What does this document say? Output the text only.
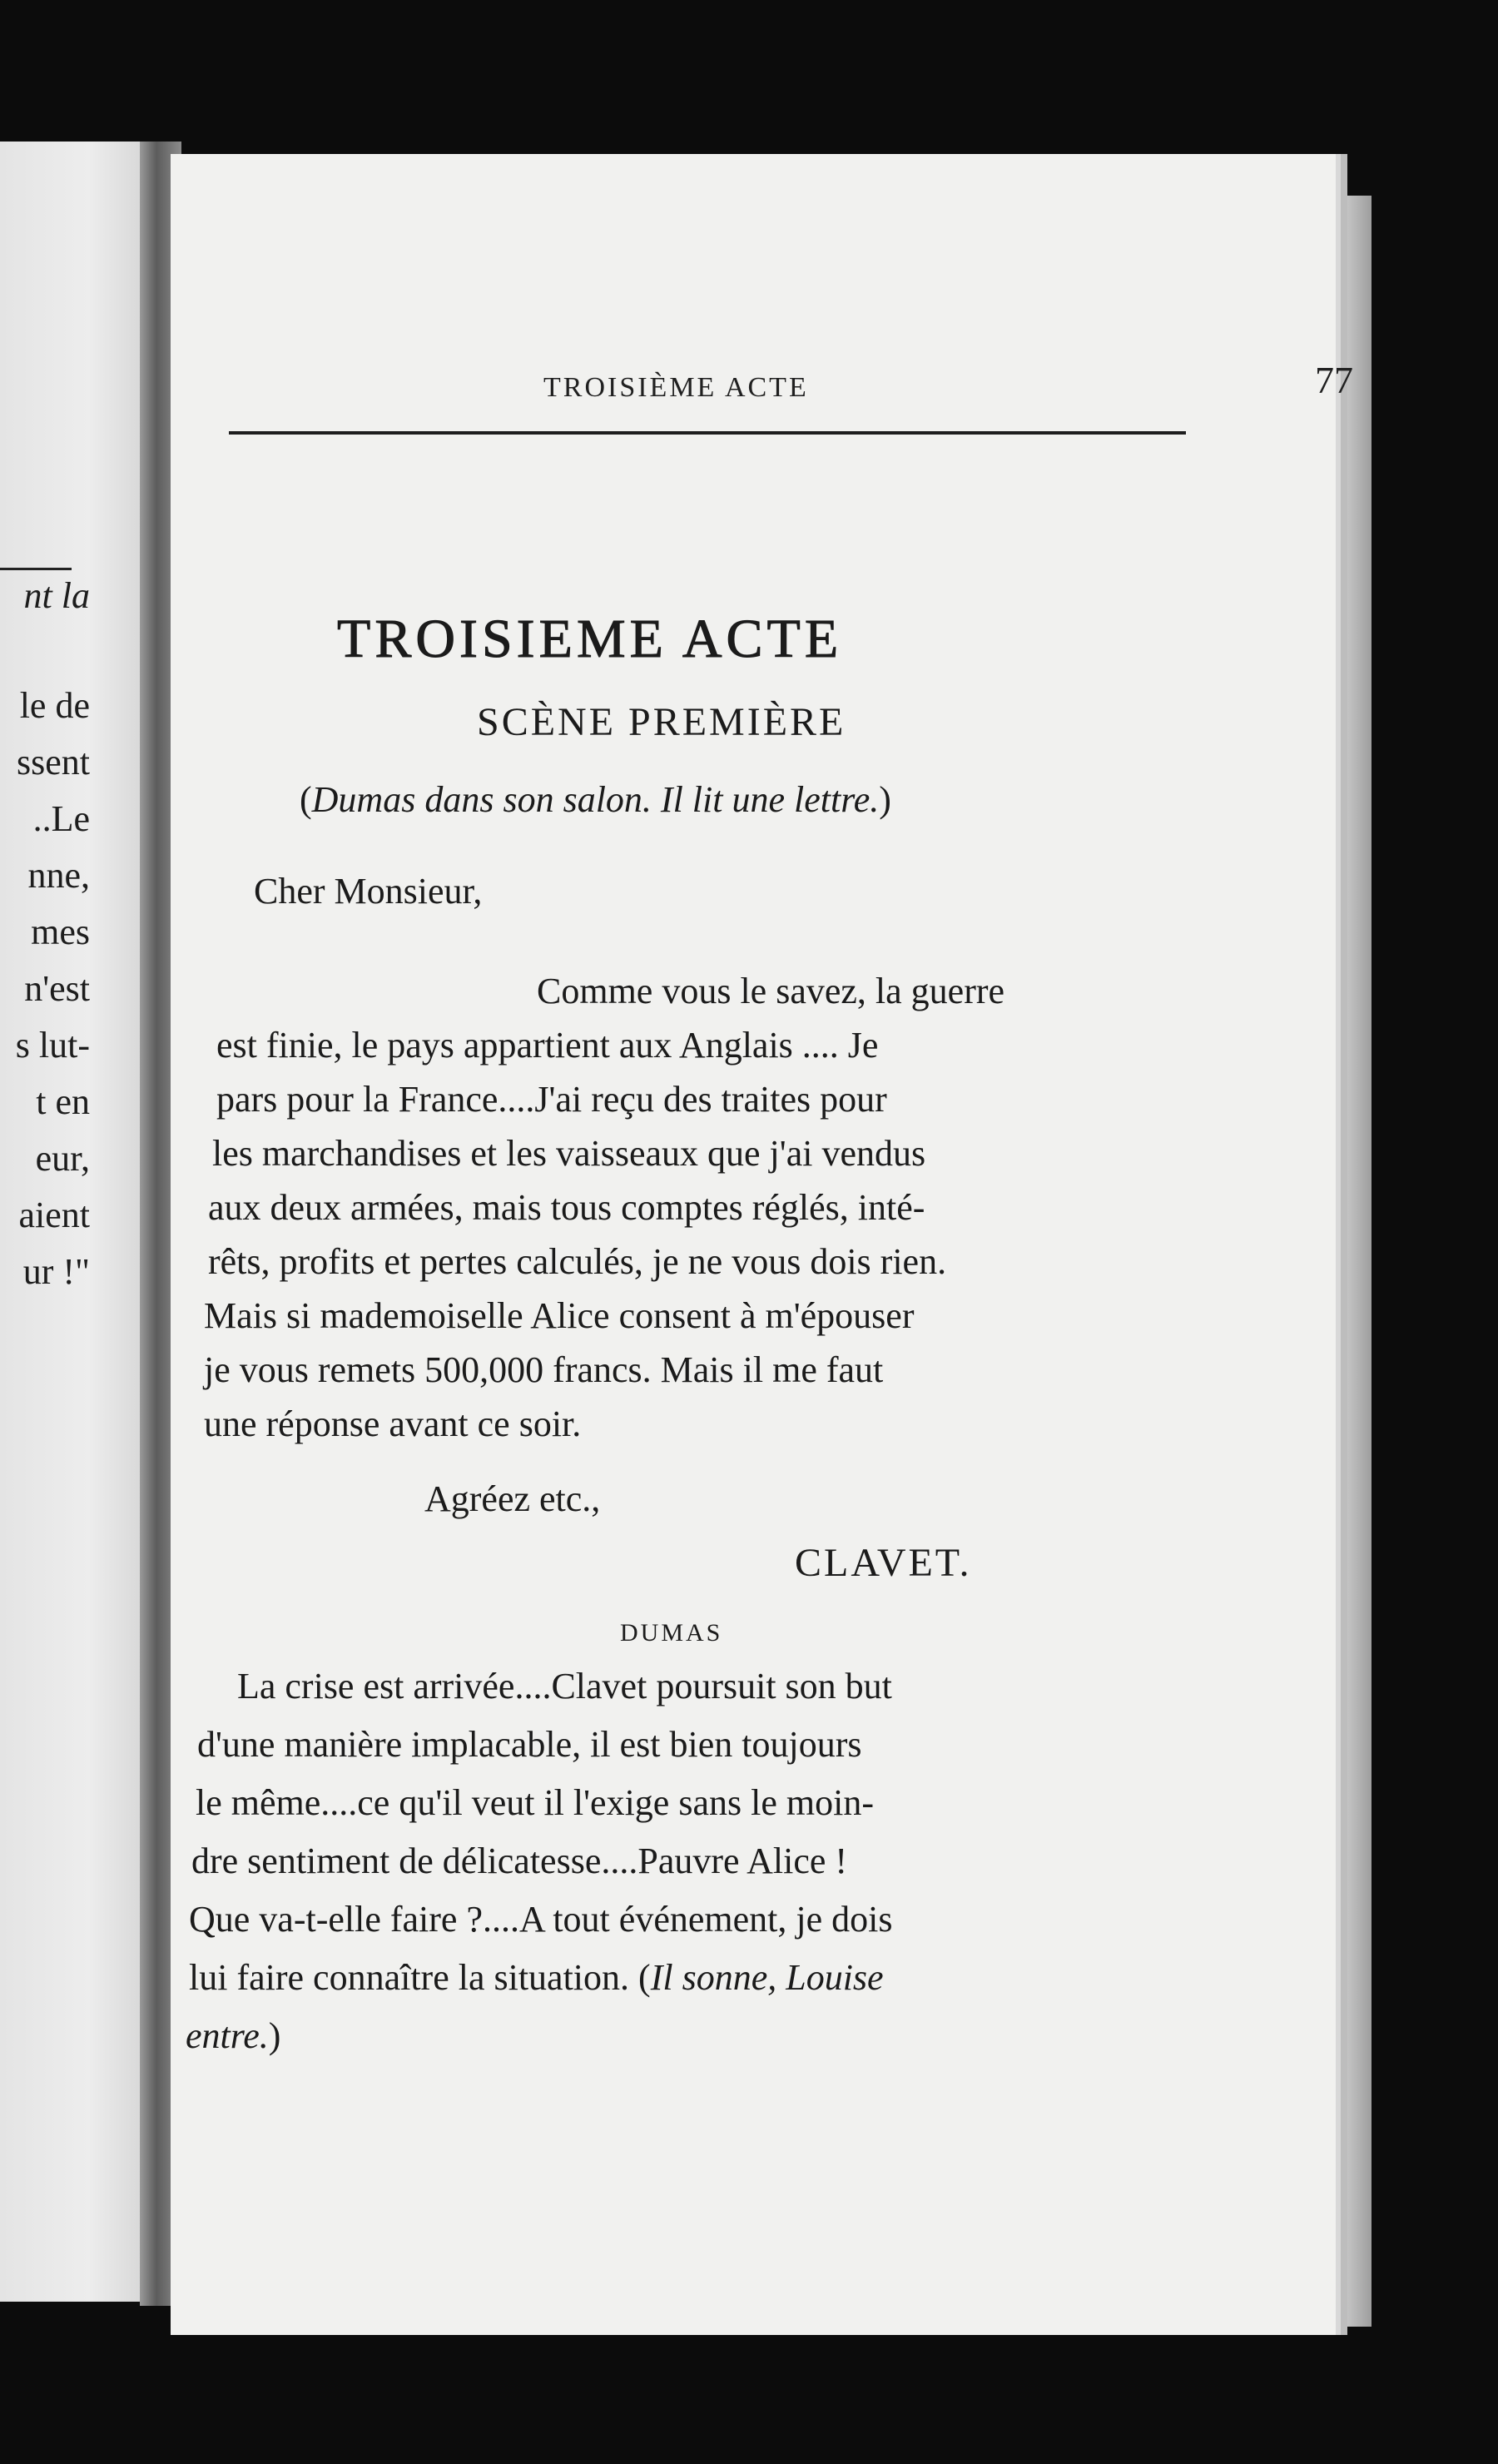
nt la
le de
ssent
..Le
nne,
mes
n'est
s lut-
t en
eur,
aient
ur !"
TROISIÈME ACTE	77
TROISIEME ACTE
SCÈNE PREMIÈRE
(Dumas dans son salon. Il lit une lettre.)
Cher Monsieur,
Comme vous le savez, la guerre
est finie, le pays appartient aux Anglais .... Je
pars pour la France....J'ai reçu des traites pour
les marchandises et les vaisseaux que j'ai vendus
aux deux armées, mais tous comptes réglés, inté-
rêts, profits et pertes calculés, je ne vous dois rien.
Mais si mademoiselle Alice consent à m'épouser
je vous remets 500,000 francs. Mais il me faut
une réponse avant ce soir.
Agréez etc.,
CLAVET.
DUMAS
La crise est arrivée....Clavet poursuit son but
d'une manière implacable, il est bien toujours
le même....ce qu'il veut il l'exige sans le moin-
dre sentiment de délicatesse....Pauvre Alice !
Que va-t-elle faire ?....A tout événement, je dois
lui faire connaître la situation. (Il sonne, Louise
entre.)
